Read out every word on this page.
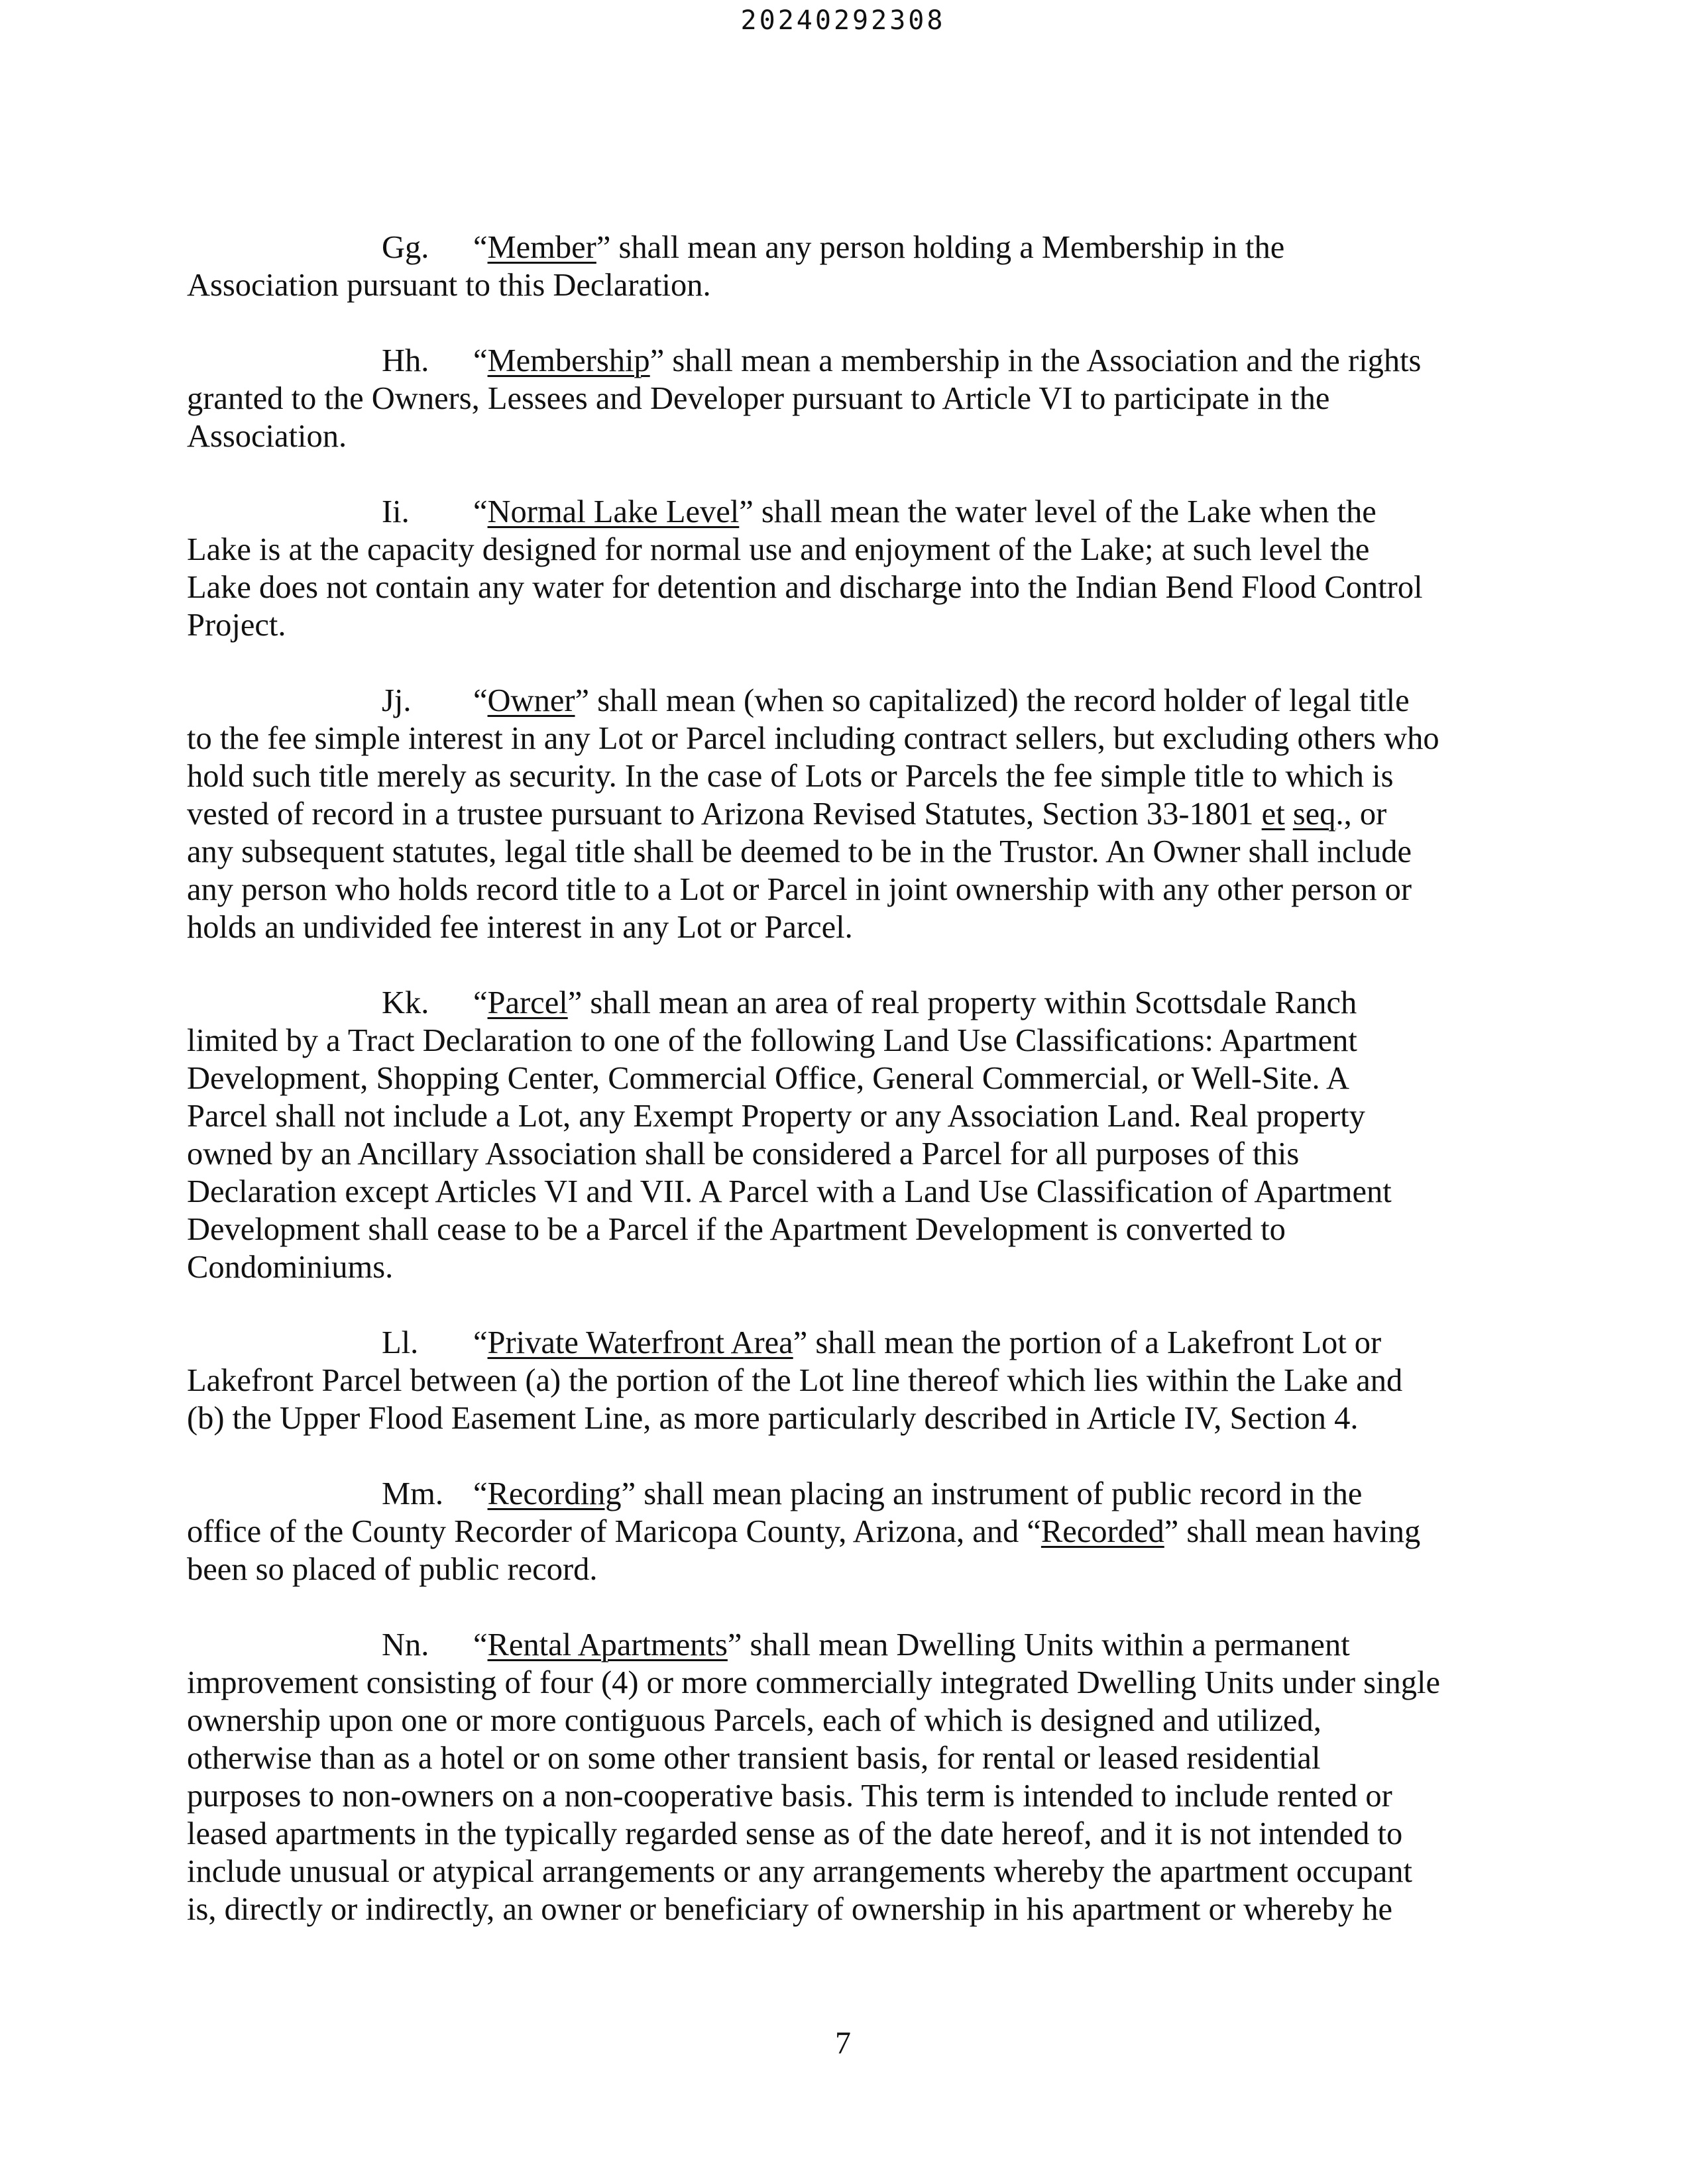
20240292308
Gg. “Member” shall mean any person holding a Membership in the
Association pursuant to this Declaration.
Hh. “Membership” shall mean a membership in the Association and the rights
granted to the Owners, Lessees and Developer pursuant to Article VI to participate in the
Association.
Ii. “Normal Lake Level” shall mean the water level of the Lake when the
Lake is at the capacity designed for normal use and enjoyment of the Lake; at such level the
Lake does not contain any water for detention and discharge into the Indian Bend Flood Control
Project.
Jj. “Owner” shall mean (when so capitalized) the record holder of legal title
to the fee simple interest in any Lot or Parcel including contract sellers, but excluding others who
hold such title merely as security. In the case of Lots or Parcels the fee simple title to which is
vested of record in a trustee pursuant to Arizona Revised Statutes, Section 33-1801 et seq., or
any subsequent statutes, legal title shall be deemed to be in the Trustor. An Owner shall include
any person who holds record title to a Lot or Parcel in joint ownership with any other person or
holds an undivided fee interest in any Lot or Parcel.
Kk. “Parcel” shall mean an area of real property within Scottsdale Ranch
limited by a Tract Declaration to one of the following Land Use Classifications: Apartment
Development, Shopping Center, Commercial Office, General Commercial, or Well-Site. A
Parcel shall not include a Lot, any Exempt Property or any Association Land. Real property
owned by an Ancillary Association shall be considered a Parcel for all purposes of this
Declaration except Articles VI and VII. A Parcel with a Land Use Classification of Apartment
Development shall cease to be a Parcel if the Apartment Development is converted to
Condominiums.
Ll. “Private Waterfront Area” shall mean the portion of a Lakefront Lot or
Lakefront Parcel between (a) the portion of the Lot line thereof which lies within the Lake and
(b) the Upper Flood Easement Line, as more particularly described in Article IV, Section 4.
Mm. “Recording” shall mean placing an instrument of public record in the
office of the County Recorder of Maricopa County, Arizona, and “Recorded” shall mean having
been so placed of public record.
Nn. “Rental Apartments” shall mean Dwelling Units within a permanent
improvement consisting of four (4) or more commercially integrated Dwelling Units under single
ownership upon one or more contiguous Parcels, each of which is designed and utilized,
otherwise than as a hotel or on some other transient basis, for rental or leased residential
purposes to non-owners on a non-cooperative basis. This term is intended to include rented or
leased apartments in the typically regarded sense as of the date hereof, and it is not intended to
include unusual or atypical arrangements or any arrangements whereby the apartment occupant
is, directly or indirectly, an owner or beneficiary of ownership in his apartment or whereby he
7
